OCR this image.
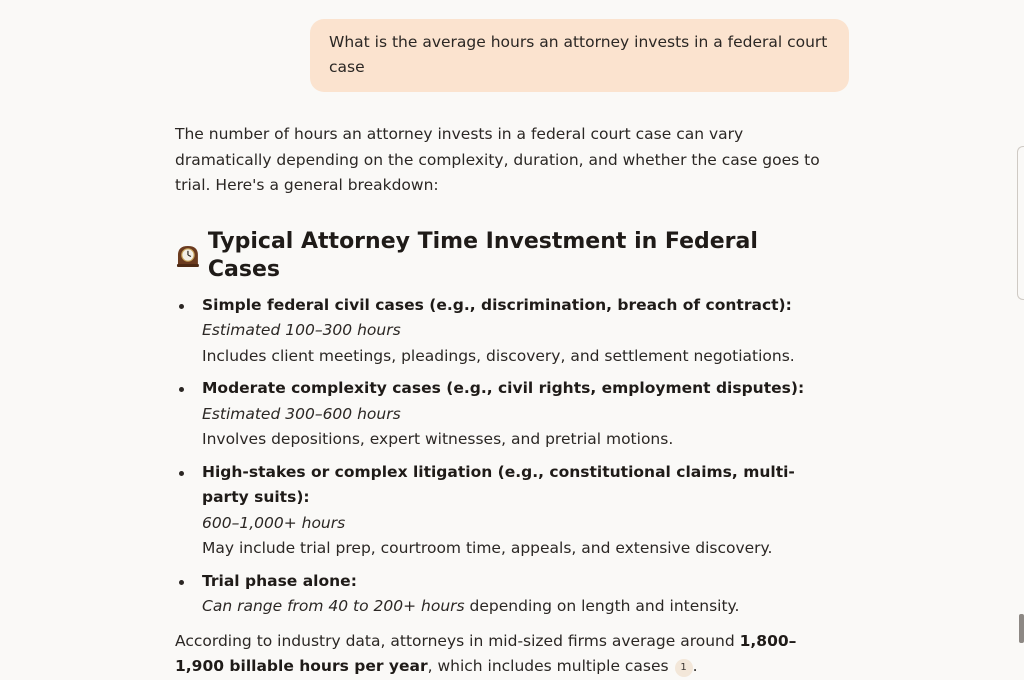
What is the average hours an attorney invests in a federal court case

The number of hours an attorney invests in a federal court case can vary dramatically depending on the complexity, duration, and whether the case goes to trial. Here's a general breakdown:

Typical Attorney Time Investment in Federal Cases
Simple federal civil cases (e.g., discrimination, breach of contract):
Estimated 100–300 hours
Includes client meetings, pleadings, discovery, and settlement negotiations.
Moderate complexity cases (e.g., civil rights, employment disputes):
Estimated 300–600 hours
Involves depositions, expert witnesses, and pretrial motions.
High-stakes or complex litigation (e.g., constitutional claims, multi-party suits):
600–1,000+ hours
May include trial prep, courtroom time, appeals, and extensive discovery.
Trial phase alone:
Can range from 40 to 200+ hours depending on length and intensity.

According to industry data, attorneys in mid-sized firms average around 1,800–1,900 billable hours per year, which includes multiple cases 1 .
